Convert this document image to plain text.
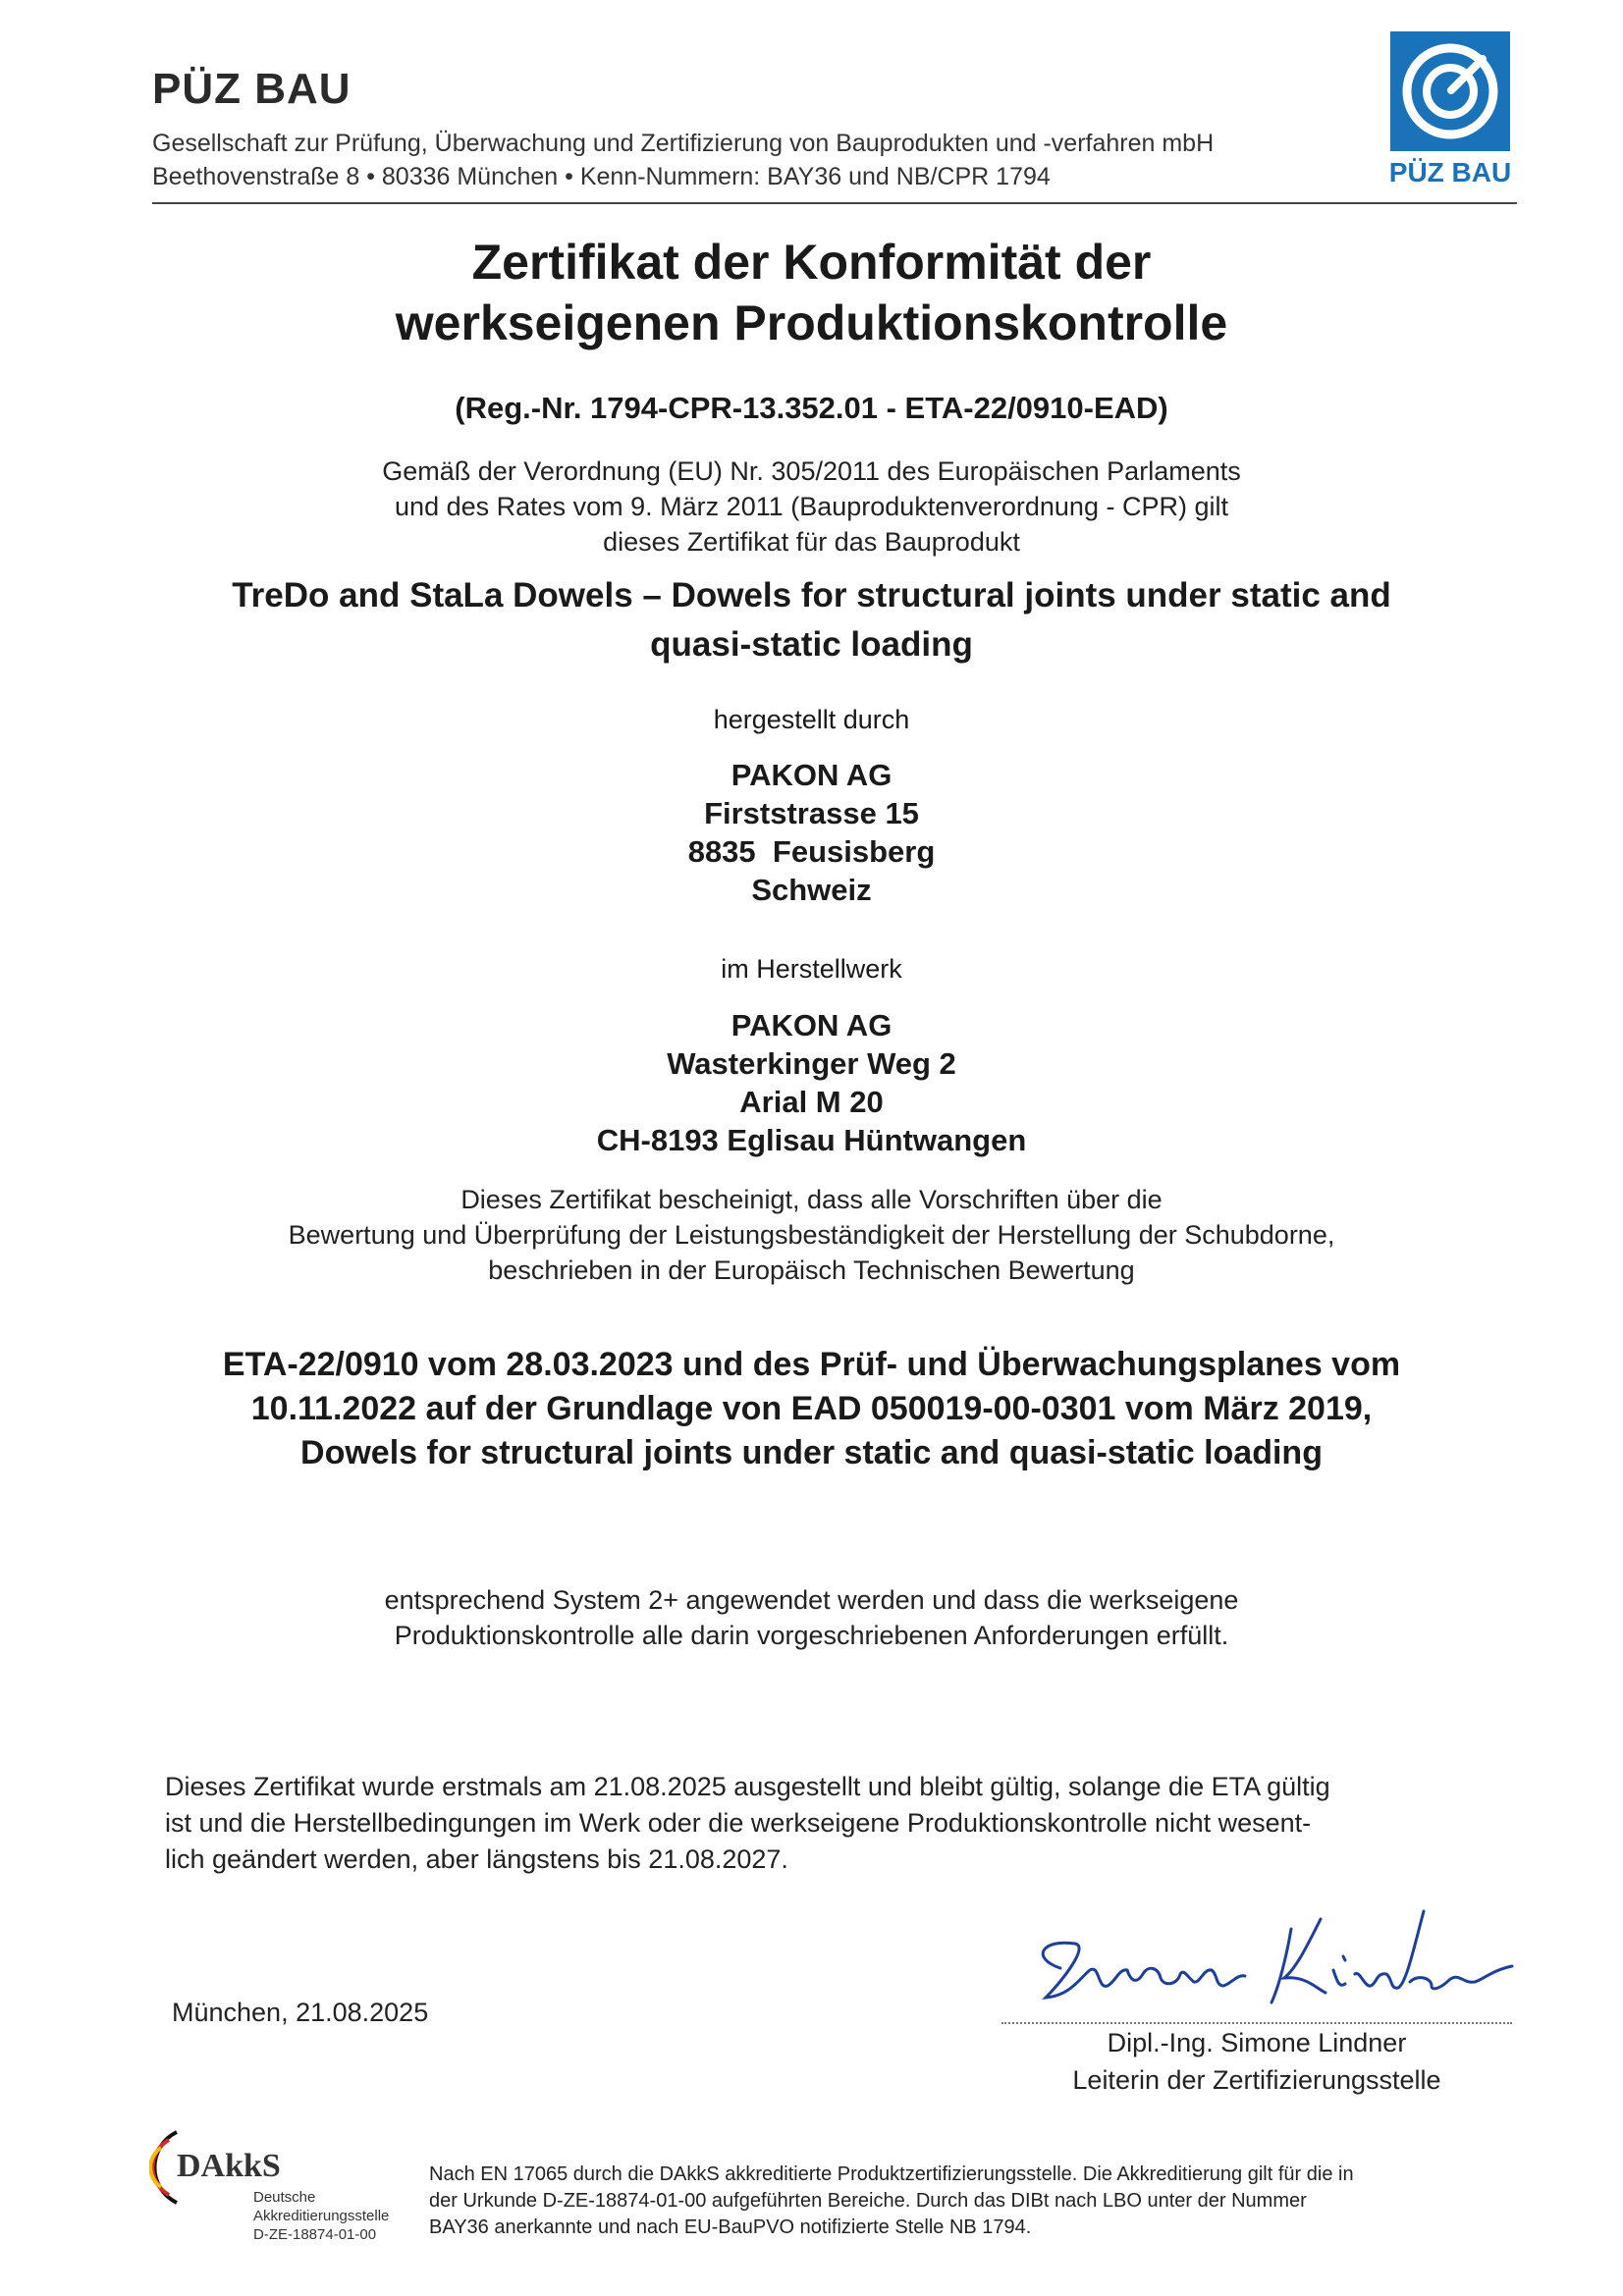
PÜZ BAU
Gesellschaft zur Prüfung, Überwachung und Zertifizierung von Bauprodukten und -verfahren mbH
Beethovenstraße 8 • 80336 München • Kenn-Nummern: BAY36 und NB/CPR 1794	PÜZ BAU
Zertifikat der Konformität der
werkseigenen Produktionskontrolle
(Reg.-Nr. 1794-CPR-13.352.01 - ETA-22/0910-EAD)
Gemäß der Verordnung (EU) Nr. 305/2011 des Europäischen Parlaments
und des Rates vom 9. März 2011 (Bauproduktenverordnung - CPR) gilt
dieses Zertifikat für das Bauprodukt
TreDo and StaLa Dowels – Dowels for structural joints under static and
quasi-static loading
hergestellt durch
PAKON AG
Firststrasse 15
8835  Feusisberg
Schweiz
im Herstellwerk
PAKON AG
Wasterkinger Weg 2
Arial M 20
CH-8193 Eglisau Hüntwangen
Dieses Zertifikat bescheinigt, dass alle Vorschriften über die
Bewertung und Überprüfung der Leistungsbeständigkeit der Herstellung der Schubdorne,
beschrieben in der Europäisch Technischen Bewertung
ETA-22/0910 vom 28.03.2023 und des Prüf- und Überwachungsplanes vom
10.11.2022 auf der Grundlage von EAD 050019-00-0301 vom März 2019,
Dowels for structural joints under static and quasi-static loading
entsprechend System 2+ angewendet werden und dass die werkseigene
Produktionskontrolle alle darin vorgeschriebenen Anforderungen erfüllt.
Dieses Zertifikat wurde erstmals am 21.08.2025 ausgestellt und bleibt gültig, solange die ETA gültig
ist und die Herstellbedingungen im Werk oder die werkseigene Produktionskontrolle nicht wesent-
lich geändert werden, aber längstens bis 21.08.2027.
München, 21.08.2025
Dipl.-Ing. Simone Lindner
Leiterin der Zertifizierungsstelle
DAkkS
Deutsche
Akkreditierungsstelle
D-ZE-18874-01-00
Nach EN 17065 durch die DAkkS akkreditierte Produktzertifizierungsstelle. Die Akkreditierung gilt für die in
der Urkunde D-ZE-18874-01-00 aufgeführten Bereiche. Durch das DIBt nach LBO unter der Nummer
BAY36 anerkannte und nach EU-BauPVO notifizierte Stelle NB 1794.
